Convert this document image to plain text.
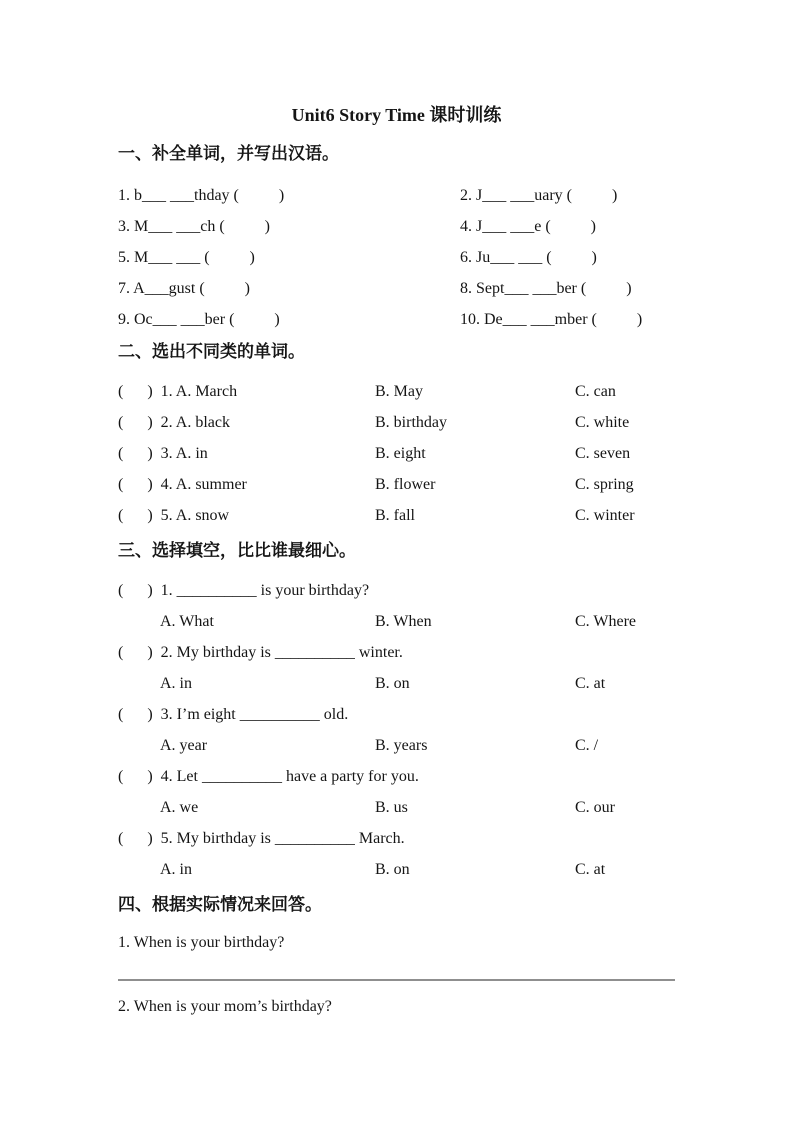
Unit6 Story Time 课时训练
一、补全单词，并写出汉语。
1. b___ ___thday (          )	2. J___ ___uary (          )
3. M___ ___ch (          )	4. J___ ___e (          )
5. M___ ___ (          )	6. Ju___ ___ (          )
7. A___gust (          )	8. Sept___ ___ber (          )
9. Oc___ ___ber (          )	10. De___ ___mber (          )
二、选出不同类的单词。
(      )  1. A. March	B. May	C. can
(      )  2. A. black	B. birthday	C. white
(      )  3. A. in	B. eight	C. seven
(      )  4. A. summer	B. flower	C. spring
(      )  5. A. snow	B. fall	C. winter
三、选择填空，比比谁最细心。
(      )  1. __________ is your birthday?
A. What	B. When	C. Where
(      )  2. My birthday is __________ winter.
A. in	B. on	C. at
(      )  3. I’m eight __________ old.
A. year	B. years	C. /
(      )  4. Let __________ have a party for you.
A. we	B. us	C. our
(      )  5. My birthday is __________ March.
A. in	B. on	C. at
四、根据实际情况来回答。
1. When is your birthday?
2. When is your mom’s birthday?
